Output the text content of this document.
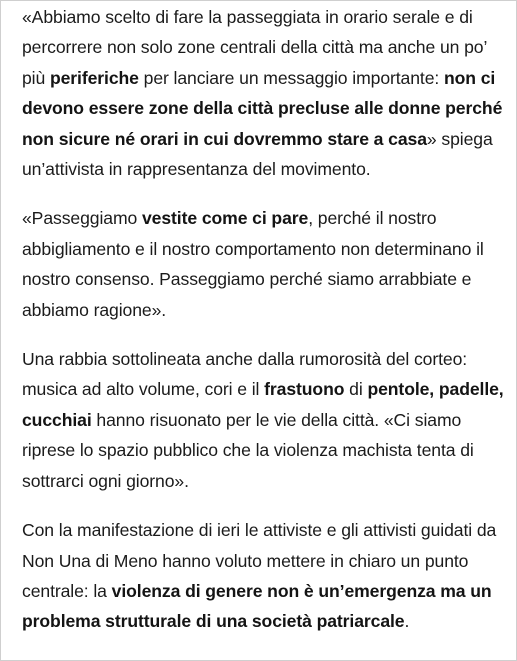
«Abbiamo scelto di fare la passeggiata in orario serale e di percorrere non solo zone centrali della città ma anche un po’ più periferiche per lanciare un messaggio importante: non ci devono essere zone della città precluse alle donne perché non sicure né orari in cui dovremmo stare a casa» spiega un’attivista in rappresentanza del movimento.

«Passeggiamo vestite come ci pare, perché il nostro abbigliamento e il nostro comportamento non determinano il nostro consenso. Passeggiamo perché siamo arrabbiate e abbiamo ragione».

Una rabbia sottolineata anche dalla rumorosità del corteo: musica ad alto volume, cori e il frastuono di pentole, padelle, cucchiai hanno risuonato per le vie della città. «Ci siamo riprese lo spazio pubblico che la violenza machista tenta di sottrarci ogni giorno».

Con la manifestazione di ieri le attiviste e gli attivisti guidati da Non Una di Meno hanno voluto mettere in chiaro un punto centrale: la violenza di genere non è un’emergenza ma un problema strutturale di una società patriarcale.
